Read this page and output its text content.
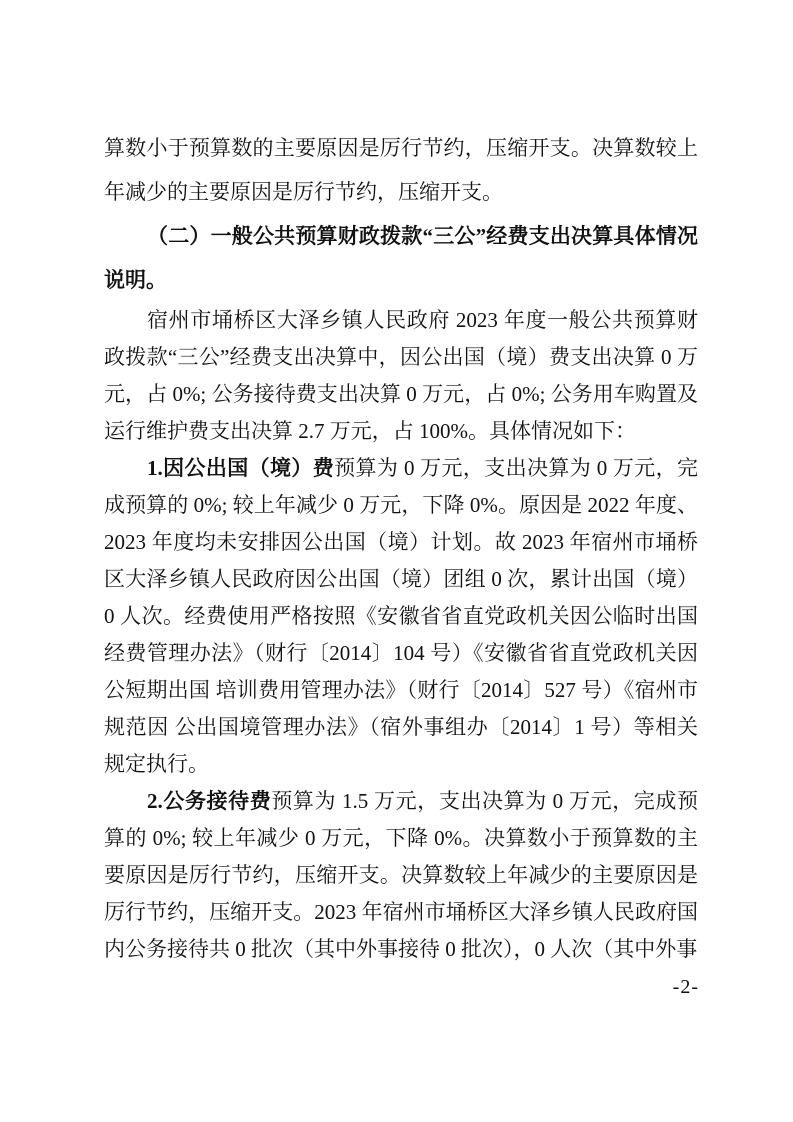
算数小于预算数的主要原因是厉行节约，压缩开支。决算数较上年减少的主要原因是厉行节约，压缩开支。

（二）一般公共预算财政拨款“三公”经费支出决算具体情况说明。

宿州市埇桥区大泽乡镇人民政府 2023 年度一般公共预算财政拨款“三公”经费支出决算中，因公出国（境）费支出决算 0 万元，占 0%; 公务接待费支出决算 0 万元，占 0%; 公务用车购置及运行维护费支出决算 2.7 万元，占 100%。具体情况如下：

1.因公出国（境）费预算为 0 万元，支出决算为 0 万元，完成预算的 0%; 较上年减少 0 万元，下降 0%。原因是 2022 年度、2023 年度均未安排因公出国（境）计划。故 2023 年宿州市埇桥区大泽乡镇人民政府因公出国（境）团组 0 次，累计出国（境）0 人次。经费使用严格按照《安徽省省直党政机关因公临时出国经费管理办法》（财行〔2014〕104 号）《安徽省省直党政机关因公短期出国 培训费用管理办法》（财行〔2014〕527 号）《宿州市规范因 公出国境管理办法》（宿外事组办〔2014〕1 号）等相关规定执行。

2.公务接待费预算为 1.5 万元，支出决算为 0 万元，完成预算的 0%; 较上年减少 0 万元，下降 0%。决算数小于预算数的主要原因是厉行节约，压缩开支。决算数较上年减少的主要原因是厉行节约，压缩开支。2023 年宿州市埇桥区大泽乡镇人民政府国内公务接待共 0 批次（其中外事接待 0 批次），0 人次（其中外事

-2-
